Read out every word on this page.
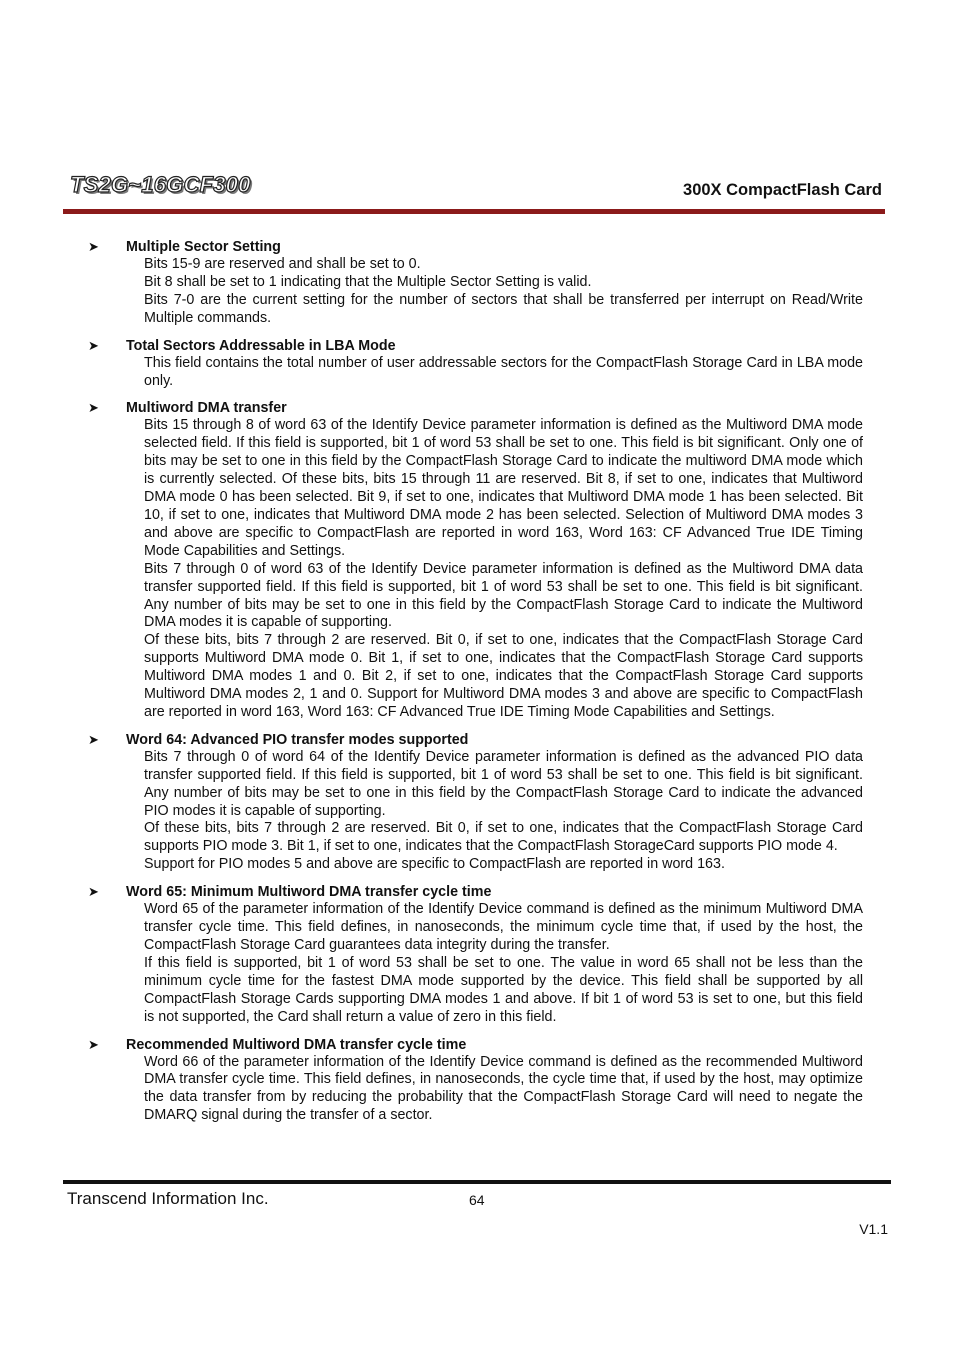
TS2G~16GCF300	300X CompactFlash Card
➤	Multiple Sector Setting

Bits 15-9 are reserved and shall be set to 0.

Bit 8 shall be set to 1 indicating that the Multiple Sector Setting is valid.

Bits 7-0 are the current setting for the number of sectors that shall be transferred per interrupt on Read/Write Multiple commands.

➤	Total Sectors Addressable in LBA Mode

This field contains the total number of user addressable sectors for the CompactFlash Storage Card in LBA mode only.

➤	Multiword DMA transfer

Bits 15 through 8 of word 63 of the Identify Device parameter information is defined as the Multiword DMA mode selected field. If this field is supported, bit 1 of word 53 shall be set to one. This field is bit significant. Only one of bits may be set to one in this field by the CompactFlash Storage Card to indicate the multiword DMA mode which is currently selected. Of these bits, bits 15 through 11 are reserved. Bit 8, if set to one, indicates that Multiword DMA mode 0 has been selected. Bit 9, if set to one, indicates that Multiword DMA mode 1 has been selected. Bit 10, if set to one, indicates that Multiword DMA mode 2 has been selected. Selection of Multiword DMA modes 3 and above are specific to CompactFlash are reported in word 163, Word 163: CF Advanced True IDE Timing Mode Capabilities and Settings.

Bits 7 through 0 of word 63 of the Identify Device parameter information is defined as the Multiword DMA data transfer supported field. If this field is supported, bit 1 of word 53 shall be set to one. This field is bit significant. Any number of bits may be set to one in this field by the CompactFlash Storage Card to indicate the Multiword DMA modes it is capable of supporting.

Of these bits, bits 7 through 2 are reserved. Bit 0, if set to one, indicates that the CompactFlash Storage Card supports Multiword DMA mode 0. Bit 1, if set to one, indicates that the CompactFlash Storage Card supports Multiword DMA modes 1 and 0. Bit 2, if set to one, indicates that the CompactFlash Storage Card supports Multiword DMA modes 2, 1 and 0. Support for Multiword DMA modes 3 and above are specific to CompactFlash are reported in word 163, Word 163: CF Advanced True IDE Timing Mode Capabilities and Settings.

➤	Word 64: Advanced PIO transfer modes supported

Bits 7 through 0 of word 64 of the Identify Device parameter information is defined as the advanced PIO data transfer supported field. If this field is supported, bit 1 of word 53 shall be set to one. This field is bit significant. Any number of bits may be set to one in this field by the CompactFlash Storage Card to indicate the advanced PIO modes it is capable of supporting.

Of these bits, bits 7 through 2 are reserved. Bit 0, if set to one, indicates that the CompactFlash Storage Card supports PIO mode 3. Bit 1, if set to one, indicates that the CompactFlash StorageCard supports PIO mode 4.

Support for PIO modes 5 and above are specific to CompactFlash are reported in word 163.

➤	Word 65: Minimum Multiword DMA transfer cycle time

Word 65 of the parameter information of the Identify Device command is defined as the minimum Multiword DMA transfer cycle time. This field defines, in nanoseconds, the minimum cycle time that, if used by the host, the CompactFlash Storage Card guarantees data integrity during the transfer.

If this field is supported, bit 1 of word 53 shall be set to one. The value in word 65 shall not be less than the minimum cycle time for the fastest DMA mode supported by the device. This field shall be supported by all CompactFlash Storage Cards supporting DMA modes 1 and above. If bit 1 of word 53 is set to one, but this field is not supported, the Card shall return a value of zero in this field.

➤	Recommended Multiword DMA transfer cycle time

Word 66 of the parameter information of the Identify Device command is defined as the recommended Multiword DMA transfer cycle time. This field defines, in nanoseconds, the cycle time that, if used by the host, may optimize the data transfer from by reducing the probability that the CompactFlash Storage Card will need to negate the DMARQ signal during the transfer of a sector.

Transcend Information Inc.	64
V1.1
